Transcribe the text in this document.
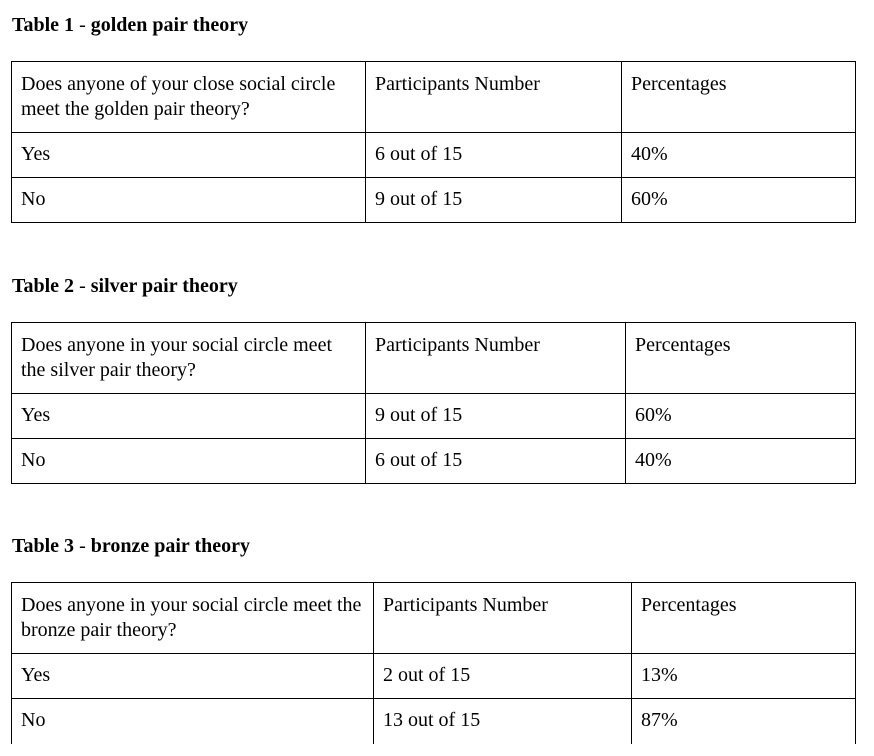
Table 1 - golden pair theory
Does anyone of your close social circle meet the golden pair theory?	Participants Number	Percentages
Yes	6 out of 15	40%
No	9 out of 15	60%
Table 2 - silver pair theory
Does anyone in your social circle meet the silver pair theory?	Participants Number	Percentages
Yes	9 out of 15	60%
No	6 out of 15	40%
Table 3 - bronze pair theory
Does anyone in your social circle meet the bronze pair theory?	Participants Number	Percentages
Yes	2 out of 15	13%
No	13 out of 15	87%
